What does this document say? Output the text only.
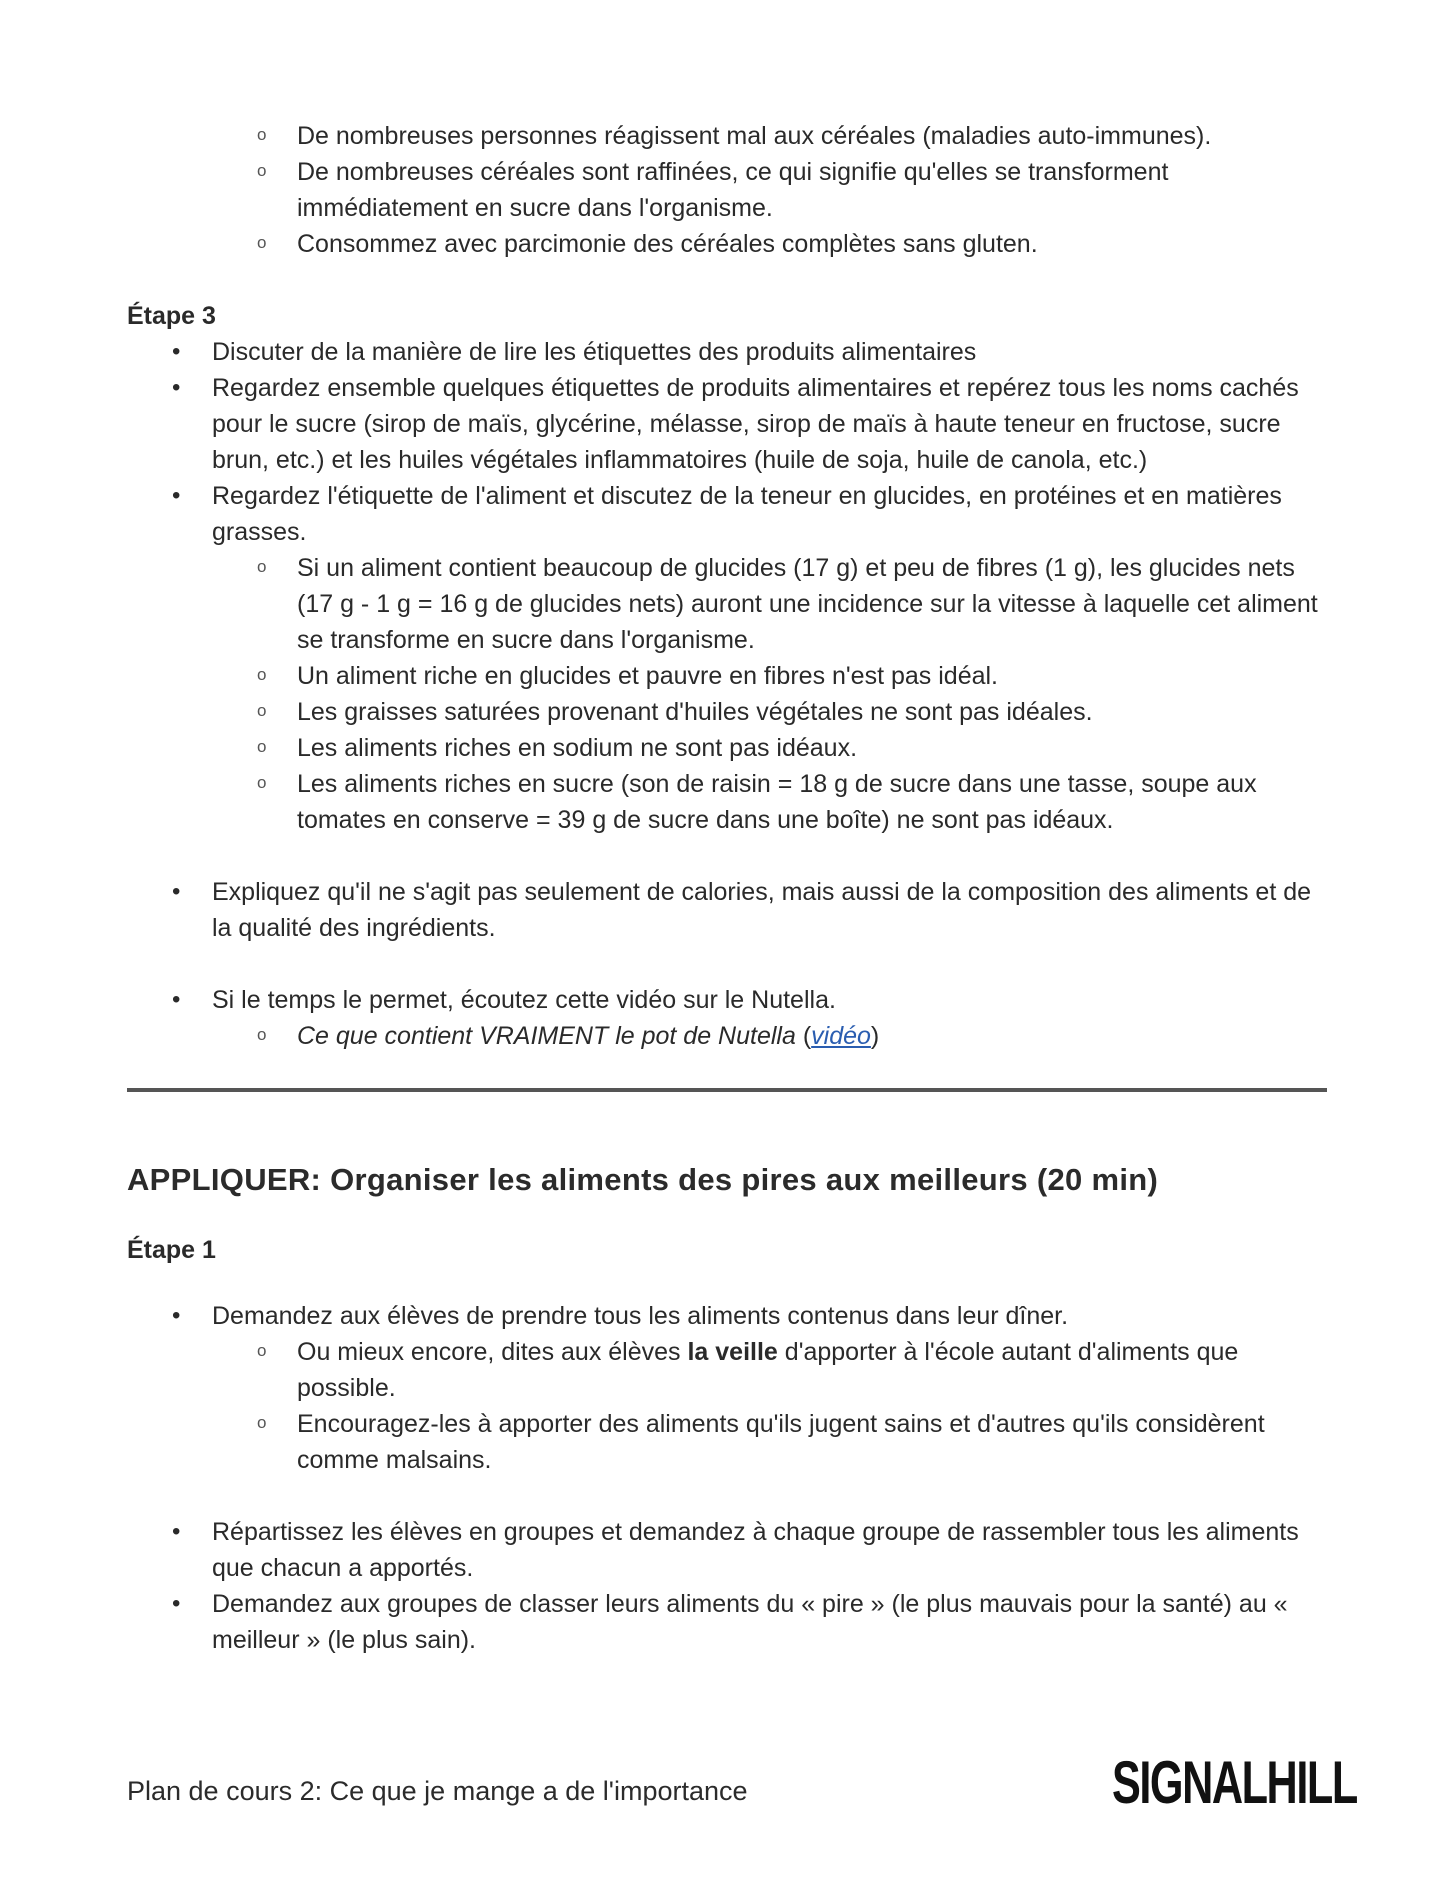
o De nombreuses personnes réagissent mal aux céréales (maladies auto-immunes).
o De nombreuses céréales sont raffinées, ce qui signifie qu'elles se transforment immédiatement en sucre dans l'organisme.
o Consommez avec parcimonie des céréales complètes sans gluten.

Étape 3

• Discuter de la manière de lire les étiquettes des produits alimentaires
• Regardez ensemble quelques étiquettes de produits alimentaires et repérez tous les noms cachés pour le sucre (sirop de maïs, glycérine, mélasse, sirop de maïs à haute teneur en fructose, sucre brun, etc.) et les huiles végétales inflammatoires (huile de soja, huile de canola, etc.)
• Regardez l'étiquette de l'aliment et discutez de la teneur en glucides, en protéines et en matières grasses.
o Si un aliment contient beaucoup de glucides (17 g) et peu de fibres (1 g), les glucides nets (17 g - 1 g = 16 g de glucides nets) auront une incidence sur la vitesse à laquelle cet aliment se transforme en sucre dans l'organisme.
o Un aliment riche en glucides et pauvre en fibres n'est pas idéal.
o Les graisses saturées provenant d'huiles végétales ne sont pas idéales.
o Les aliments riches en sodium ne sont pas idéaux.
o Les aliments riches en sucre (son de raisin = 18 g de sucre dans une tasse, soupe aux tomates en conserve = 39 g de sucre dans une boîte) ne sont pas idéaux.
• Expliquez qu'il ne s'agit pas seulement de calories, mais aussi de la composition des aliments et de la qualité des ingrédients.
• Si le temps le permet, écoutez cette vidéo sur le Nutella.
o Ce que contient VRAIMENT le pot de Nutella (vidéo)
APPLIQUER: Organiser les aliments des pires aux meilleurs (20 min)

Étape 1

• Demandez aux élèves de prendre tous les aliments contenus dans leur dîner.
o Ou mieux encore, dites aux élèves la veille d'apporter à l'école autant d'aliments que possible.
o Encouragez-les à apporter des aliments qu'ils jugent sains et d'autres qu'ils considèrent comme malsains.
• Répartissez les élèves en groupes et demandez à chaque groupe de rassembler tous les aliments que chacun a apportés.
• Demandez aux groupes de classer leurs aliments du « pire » (le plus mauvais pour la santé) au « meilleur » (le plus sain).
Plan de cours 2: Ce que je mange a de l'importance	SIGNALHILL
